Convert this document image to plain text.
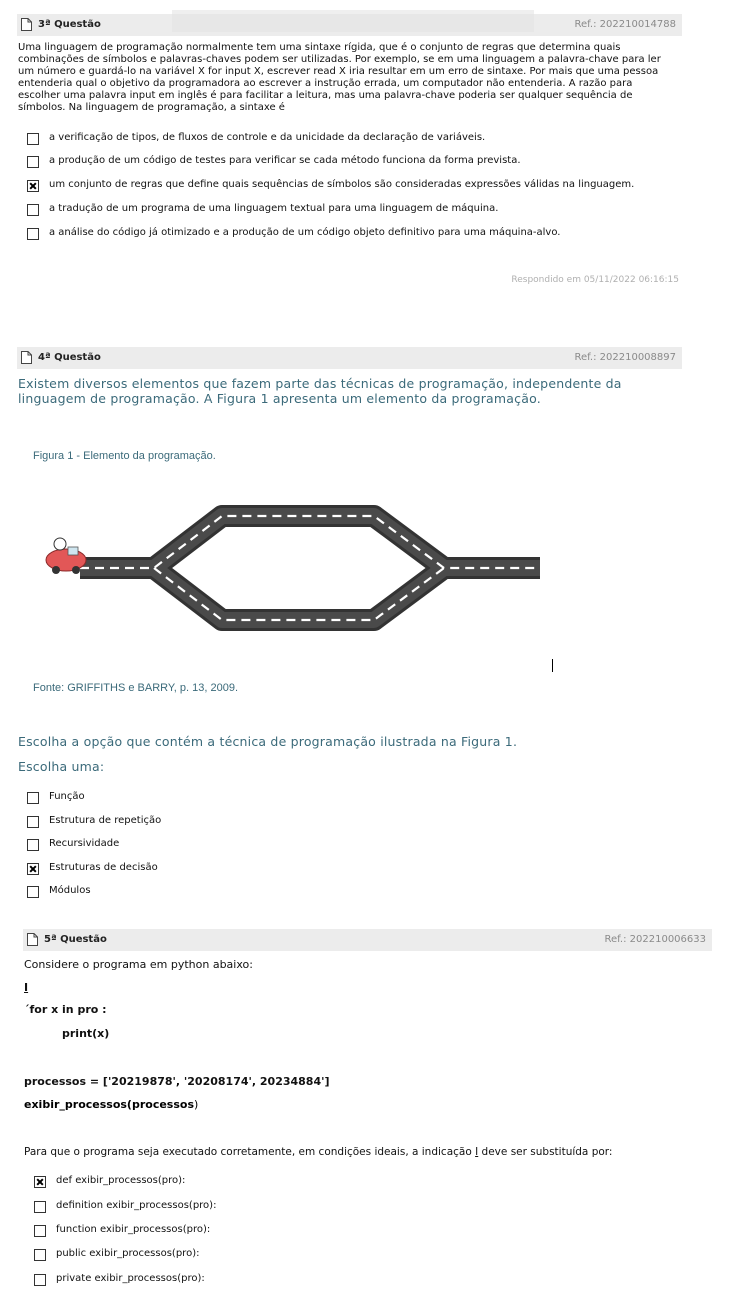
3ª Questão	Ref.: 202210014788
Uma linguagem de programação normalmente tem uma sintaxe rígida, que é o conjunto de regras que determina quais combinações de símbolos e palavras-chaves podem ser utilizadas. Por exemplo, se em uma linguagem a palavra-chave para ler um número e guardá-lo na variável X for input X, escrever read X iria resultar em um erro de sintaxe. Por mais que uma pessoa entenderia qual o objetivo da programadora ao escrever a instrução errada, um computador não entenderia. A razão para escolher uma palavra input em inglês é para facilitar a leitura, mas uma palavra-chave poderia ser qualquer sequência de símbolos. Na linguagem de programação, a sintaxe é
a verificação de tipos, de fluxos de controle e da unicidade da declaração de variáveis.
a produção de um código de testes para verificar se cada método funciona da forma prevista.
um conjunto de regras que define quais sequências de símbolos são consideradas expressões válidas na linguagem.
a tradução de um programa de uma linguagem textual para uma linguagem de máquina.
a análise do código já otimizado e a produção de um código objeto definitivo para uma máquina-alvo.
Respondido em 05/11/2022 06:16:15
4ª Questão	Ref.: 202210008897
Existem diversos elementos que fazem parte das técnicas de programação, independente da linguagem de programação. A Figura 1 apresenta um elemento da programação.
Figura 1 - Elemento da programação.
Fonte: GRIFFITHS e BARRY, p. 13, 2009.
Escolha a opção que contém a técnica de programação ilustrada na Figura 1.
Escolha uma:
Função
Estrutura de repetição
Recursividade
Estruturas de decisão
Módulos
5ª Questão	Ref.: 202210006633
Considere o programa em python abaixo:
I
´for x in pro :
print(x)
processos = ['20219878', '20208174', 20234884']
exibir_processos(processos)
Para que o programa seja executado corretamente, em condições ideais, a indicação I deve ser substituída por:
def exibir_processos(pro):
definition exibir_processos(pro):
function exibir_processos(pro):
public exibir_processos(pro):
private exibir_processos(pro):
